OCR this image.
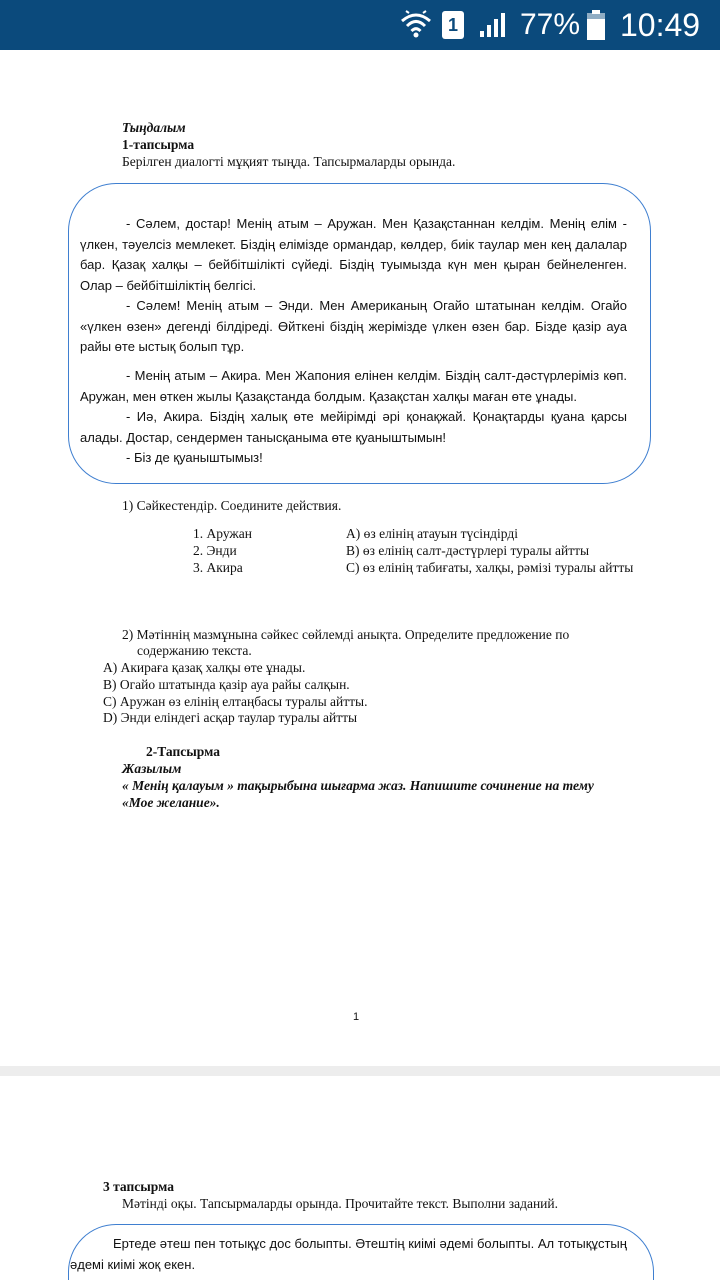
1 77% 10:49
Тыңдалым
1-тапсырма
Берілген диалогті мұқият тыңда. Тапсырмаларды орында.
- Сәлем, достар! Менің атым – Аружан. Мен Қазақстаннан келдім. Менің елім - үлкен, тәуелсіз мемлекет. Біздің елімізде ормандар, көлдер, биік таулар мен кең далалар бар. Қазақ халқы – бейбітшілікті сүйеді. Біздің туымызда күн мен қыран бейнеленген. Олар – бейбітшіліктің белгісі.
- Сәлем! Менің атым – Энди. Мен Американың Огайо штатынан келдім. Огайо «үлкен өзен» дегенді білдіреді. Өйткені біздің жерімізде үлкен өзен бар. Бізде қазір ауа райы өте ыстық болып тұр.
- Менің атым – Акира. Мен Жапония елінен келдім. Біздің салт-дәстүрлеріміз көп. Аружан, мен өткен жылы Қазақстанда болдым. Қазақстан халқы маған өте ұнады.
- Иә, Акира. Біздің халық өте мейірімді әрі қонақжай. Қонақтарды қуана қарсы алады. Достар, сендермен танысқаныма өте қуаныштымын!
- Біз де қуаныштымыз!
1) Сәйкестендір. Соедините действия.
1. Аружан
2. Энди
3. Акира
A) өз елінің атауын түсіндірді
B) өз елінің салт-дәстүрлері туралы айтты
C) өз елінің табиғаты, халқы, рәмізі туралы айтты
2) Мәтіннің мазмұнына сәйкес сөйлемді анықта. Определите предложение по
содержанию текста.
A) Акираға қазақ халқы өте ұнады.
B) Огайо штатында қазір ауа райы салқын.
C) Аружан өз елінің елтаңбасы туралы айтты.
D) Энди еліндегі асқар таулар туралы айтты
2-Тапсырма
Жазылым
« Менің қалауым » тақырыбына шығарма жаз. Напишите сочинение на тему
«Мое желание».
1
3 тапсырма
Мәтінді оқы. Тапсырмаларды орында. Прочитайте текст. Выполни заданий.
Ертеде әтеш пен тотықұс дос болыпты. Әтештің киімі әдемі болыпты. Ал тотықұстың
әдемі киімі жоқ екен.
